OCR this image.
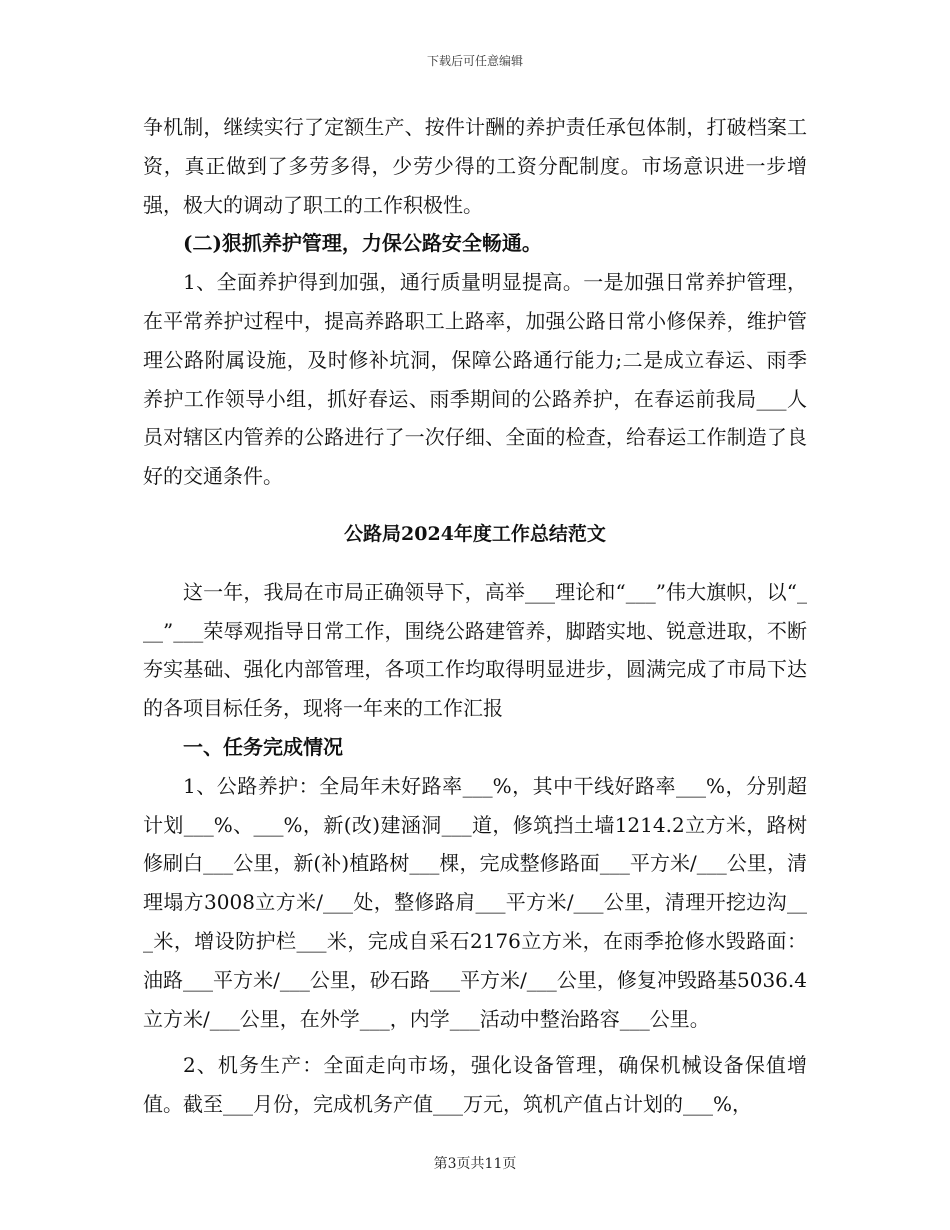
下载后可任意编辑

争机制，继续实行了定额生产、按件计酬的养护责任承包体制，打破档案工资，真正做到了多劳多得，少劳少得的工资分配制度。市场意识进一步增强，极大的调动了职工的工作积极性。

(二)狠抓养护管理，力保公路安全畅通。

1、全面养护得到加强，通行质量明显提高。一是加强日常养护管理，在平常养护过程中，提高养路职工上路率，加强公路日常小修保养，维护管理公路附属设施，及时修补坑洞，保障公路通行能力;二是成立春运、雨季养护工作领导小组，抓好春运、雨季期间的公路养护，在春运前我局___人员对辖区内管养的公路进行了一次仔细、全面的检查，给春运工作制造了良好的交通条件。

公路局2024年度工作总结范文

这一年，我局在市局正确领导下，高举___理论和“___”伟大旗帜，以“___”___荣辱观指导日常工作，围绕公路建管养，脚踏实地、锐意进取，不断夯实基础、强化内部管理，各项工作均取得明显进步，圆满完成了市局下达的各项目标任务，现将一年来的工作汇报

一、任务完成情况

1、公路养护：全局年未好路率___%，其中干线好路率___%，分别超计划___%、___%，新(改)建涵洞___道，修筑挡土墙1214.2立方米，路树修刷白___公里，新(补)植路树___棵，完成整修路面___平方米/___公里，清理塌方3008立方米/___处，整修路肩___平方米/___公里，清理开挖边沟___米，增设防护栏___米，完成自采石2176立方米，在雨季抢修水毁路面：油路___平方米/___公里，砂石路___平方米/___公里，修复冲毁路基5036.4立方米/___公里，在外学___，内学___活动中整治路容___公里。

2、机务生产：全面走向市场，强化设备管理，确保机械设备保值增值。截至___月份，完成机务产值___万元，筑机产值占计划的___%，

第3页共11页
